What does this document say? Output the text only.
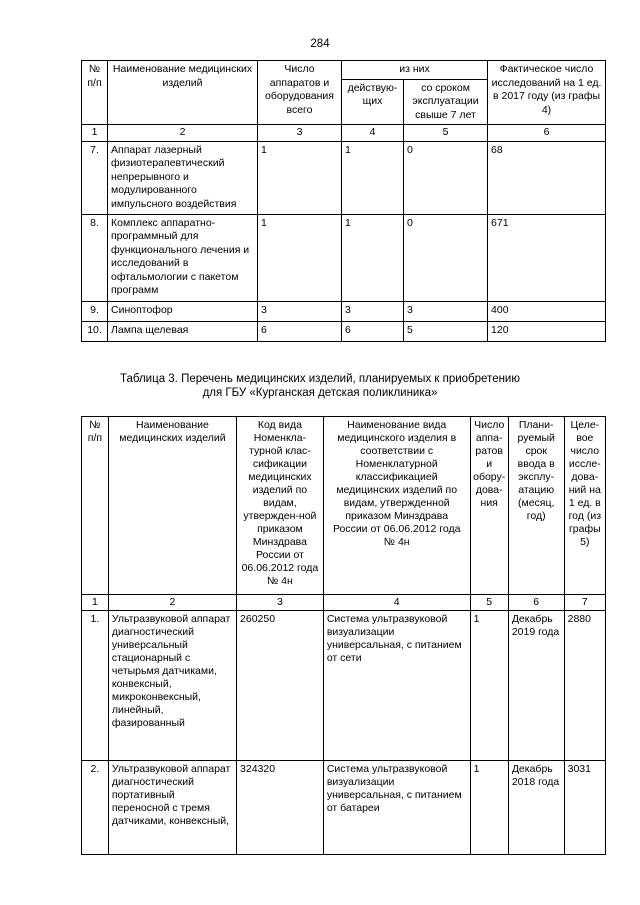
284
№ п/п	Наименование медицинских изделий	Число аппаратов и оборудования всего	из них		Фактическое число исследований на 1 ед. в 2017 году (из графы 4)
			действую-щих	со сроком эксплуатации свыше 7 лет	
1	2	3	4	5	6
7.	Аппарат лазерный физиотерапевтический непрерывного и модулированного импульсного воздействия	1	1	0	68
8.	Комплекс аппаратно-программный для функционального лечения и исследований в офтальмологии с пакетом программ	1	1	0	671
9.	Синоптофор	3	3	3	400
10.	Лампа щелевая	6	6	5	120
Таблица 3. Перечень медицинских изделий, планируемых к приобретению
для ГБУ «Курганская детская поликлиника»
№ п/п	Наименование медицинских изделий	Код вида Номенкла-турной клас-сификации медицинских изделий по видам, утвержден-ной приказом Минздрава России от 06.06.2012 года № 4н	Наименование вида медицинского изделия в соответствии с Номенклатурной классификацией медицинских изделий по видам, утвержденной приказом Минздрава России от 06.06.2012 года № 4н	Число аппа-ратов и обору-дова-ния	Плани-руемый срок ввода в эксплу-атацию (месяц, год)	Целе-вое число иссле-дова-ний на 1 ед. в год (из графы 5)
1	2	3	4	5	6	7
1.	Ультразвуковой аппарат диагностический универсальный стационарный с четырьмя датчиками, конвексный, микроконвексный, линейный, фазированный	260250	Система ультразвуковой визуализации универсальная, с питанием от сети	1	Декабрь 2019 года	2880
2.	Ультразвуковой аппарат диагностический портативный переносной с тремя датчиками, конвексный,	324320	Система ультразвуковой визуализации универсальная, с питанием от батареи	1	Декабрь 2018 года	3031
